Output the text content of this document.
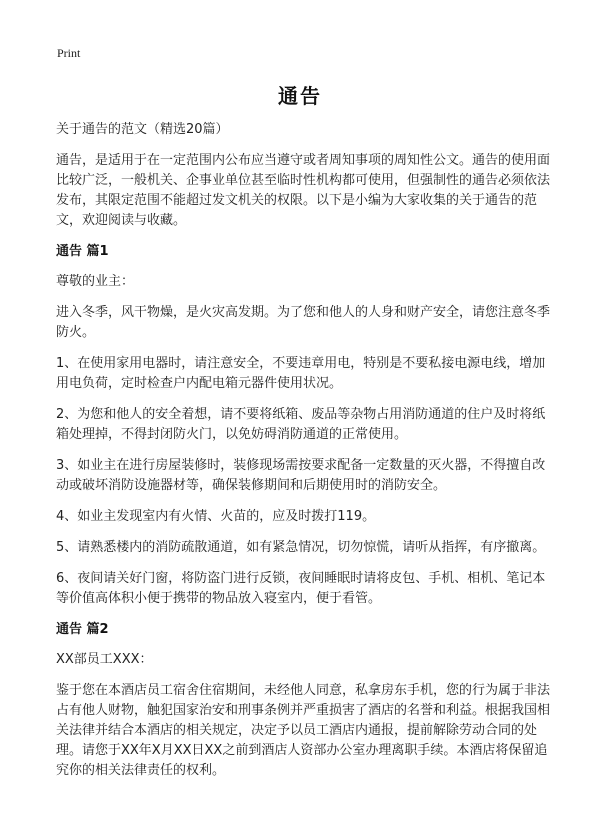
Print
通告

关于通告的范文（精选20篇）

通告，是适用于在一定范围内公布应当遵守或者周知事项的周知性公文。通告的使用面比较广泛，一般机关、企事业单位甚至临时性机构都可使用，但强制性的通告必须依法发布，其限定范围不能超过发文机关的权限。以下是小编为大家收集的关于通告的范文，欢迎阅读与收藏。

通告 篇1

尊敬的业主：

进入冬季，风干物燥，是火灾高发期。为了您和他人的人身和财产安全，请您注意冬季防火。

1、在使用家用电器时，请注意安全，不要违章用电，特别是不要私接电源电线，增加用电负荷，定时检查户内配电箱元器件使用状况。

2、为您和他人的安全着想，请不要将纸箱、废品等杂物占用消防通道的住户及时将纸箱处理掉，不得封闭防火门，以免妨碍消防通道的正常使用。

3、如业主在进行房屋装修时，装修现场需按要求配备一定数量的灭火器，不得擅自改动或破坏消防设施器材等，确保装修期间和后期使用时的消防安全。

4、如业主发现室内有火情、火苗的，应及时拨打119。

5、请熟悉楼内的消防疏散通道，如有紧急情况，切勿惊慌，请听从指挥，有序撤离。

6、夜间请关好门窗，将防盗门进行反锁，夜间睡眠时请将皮包、手机、相机、笔记本等价值高体积小便于携带的物品放入寝室内，便于看管。

通告 篇2

XX部员工XXX：

鉴于您在本酒店员工宿舍住宿期间，未经他人同意，私拿房东手机，您的行为属于非法占有他人财物，触犯国家治安和刑事条例并严重损害了酒店的名誉和利益。根据我国相关法律并结合本酒店的相关规定，决定予以员工酒店内通报，提前解除劳动合同的处理。请您于XX年X月XX日XX之前到酒店人资部办公室办理离职手续。本酒店将保留追究你的相关法律责任的权利。
